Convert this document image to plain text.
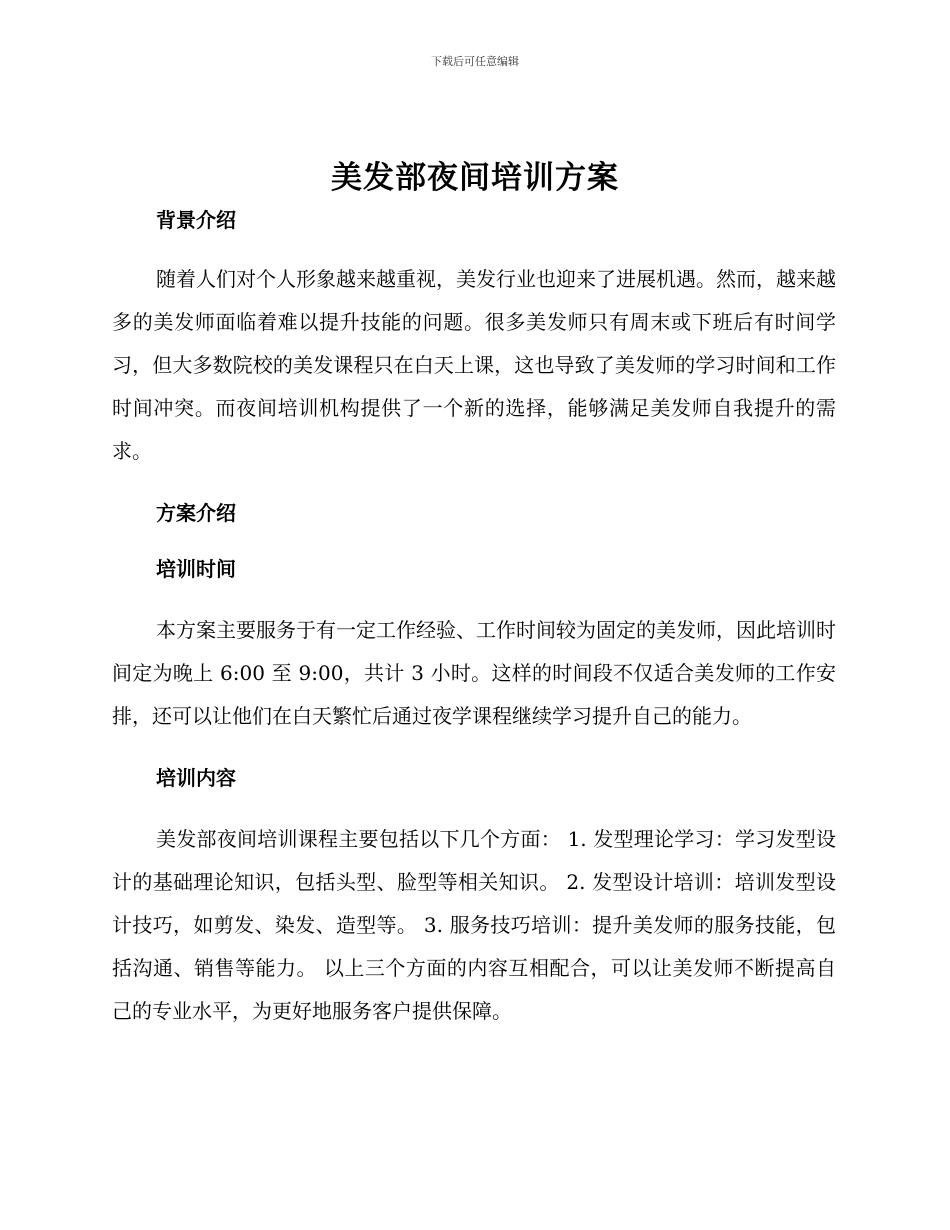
下载后可任意编辑
美发部夜间培训方案

背景介绍

随着人们对个人形象越来越重视，美发行业也迎来了进展机遇。然而，越来越多的美发师面临着难以提升技能的问题。很多美发师只有周末或下班后有时间学习，但大多数院校的美发课程只在白天上课，这也导致了美发师的学习时间和工作时间冲突。而夜间培训机构提供了一个新的选择，能够满足美发师自我提升的需求。

方案介绍

培训时间

本方案主要服务于有一定工作经验、工作时间较为固定的美发师，因此培训时间定为晚上 6:00 至 9:00，共计 3 小时。这样的时间段不仅适合美发师的工作安排，还可以让他们在白天繁忙后通过夜学课程继续学习提升自己的能力。

培训内容

美发部夜间培训课程主要包括以下几个方面： 1. 发型理论学习：学习发型设计的基础理论知识，包括头型、脸型等相关知识。 2. 发型设计培训：培训发型设计技巧，如剪发、染发、造型等。 3. 服务技巧培训：提升美发师的服务技能，包括沟通、销售等能力。 以上三个方面的内容互相配合，可以让美发师不断提高自己的专业水平，为更好地服务客户提供保障。
